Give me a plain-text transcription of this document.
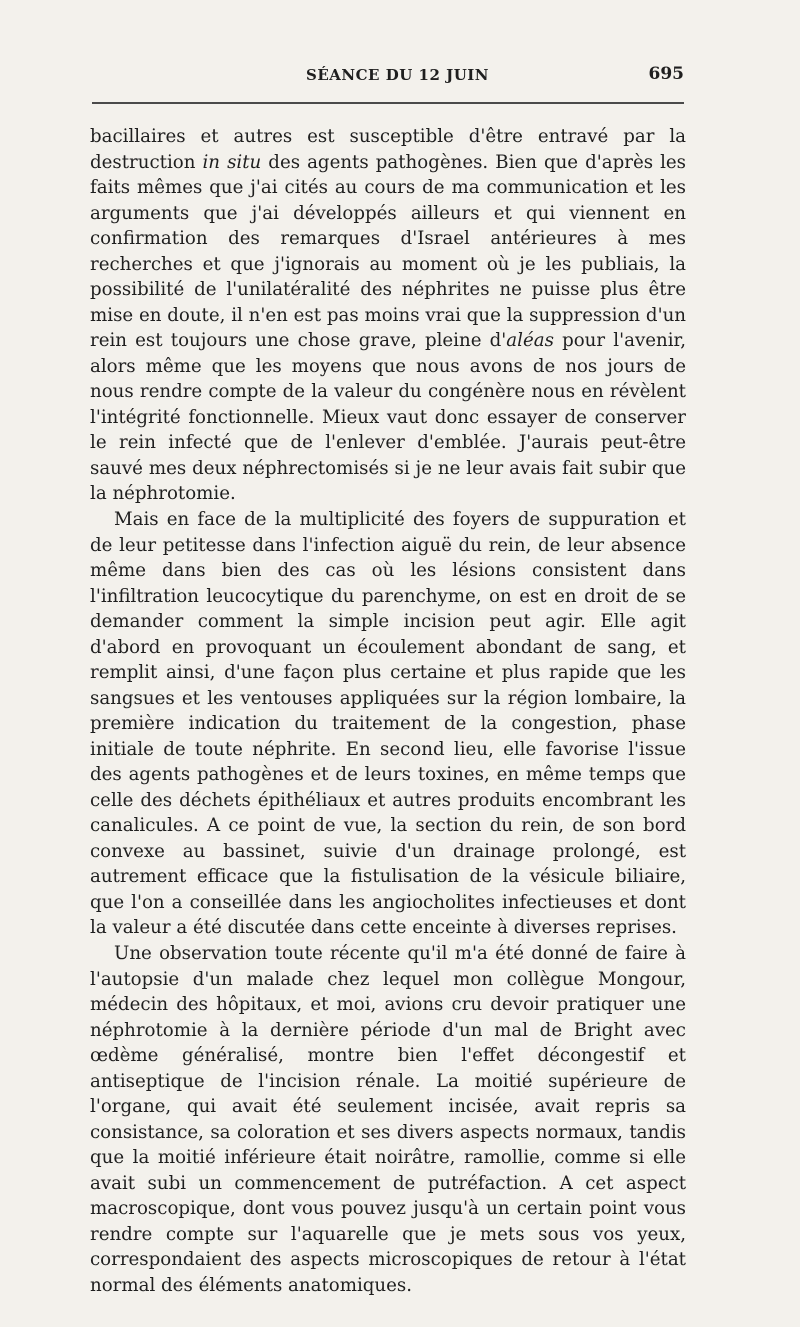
SÉANCE DU 12 JUIN	695

bacillaires et autres est susceptible d'être entravé par la destruction in situ des agents pathogènes. Bien que d'après les faits mêmes que j'ai cités au cours de ma communication et les arguments que j'ai développés ailleurs et qui viennent en confirmation des remarques d'Israel antérieures à mes recherches et que j'ignorais au moment où je les publiais, la possibilité de l'unilatéralité des néphrites ne puisse plus être mise en doute, il n'en est pas moins vrai que la suppression d'un rein est toujours une chose grave, pleine d'aléas pour l'avenir, alors même que les moyens que nous avons de nos jours de nous rendre compte de la valeur du congénère nous en révèlent l'intégrité fonctionnelle. Mieux vaut donc essayer de conserver le rein infecté que de l'enlever d'emblée. J'aurais peut-être sauvé mes deux néphrectomisés si je ne leur avais fait subir que la néphrotomie.

Mais en face de la multiplicité des foyers de suppuration et de leur petitesse dans l'infection aiguë du rein, de leur absence même dans bien des cas où les lésions consistent dans l'infiltration leucocytique du parenchyme, on est en droit de se demander comment la simple incision peut agir. Elle agit d'abord en provoquant un écoulement abondant de sang, et remplit ainsi, d'une façon plus certaine et plus rapide que les sangsues et les ventouses appliquées sur la région lombaire, la première indication du traitement de la congestion, phase initiale de toute néphrite. En second lieu, elle favorise l'issue des agents pathogènes et de leurs toxines, en même temps que celle des déchets épithéliaux et autres produits encombrant les canalicules. A ce point de vue, la section du rein, de son bord convexe au bassinet, suivie d'un drainage prolongé, est autrement efficace que la fistulisation de la vésicule biliaire, que l'on a conseillée dans les angiocholites infectieuses et dont la valeur a été discutée dans cette enceinte à diverses reprises.

Une observation toute récente qu'il m'a été donné de faire à l'autopsie d'un malade chez lequel mon collègue Mongour, médecin des hôpitaux, et moi, avions cru devoir pratiquer une néphrotomie à la dernière période d'un mal de Bright avec œdème généralisé, montre bien l'effet décongestif et antiseptique de l'incision rénale. La moitié supérieure de l'organe, qui avait été seulement incisée, avait repris sa consistance, sa coloration et ses divers aspects normaux, tandis que la moitié inférieure était noirâtre, ramollie, comme si elle avait subi un commencement de putréfaction. A cet aspect macroscopique, dont vous pouvez jusqu'à un certain point vous rendre compte sur l'aquarelle que je mets sous vos yeux, correspondaient des aspects microscopiques de retour à l'état normal des éléments anatomiques.
